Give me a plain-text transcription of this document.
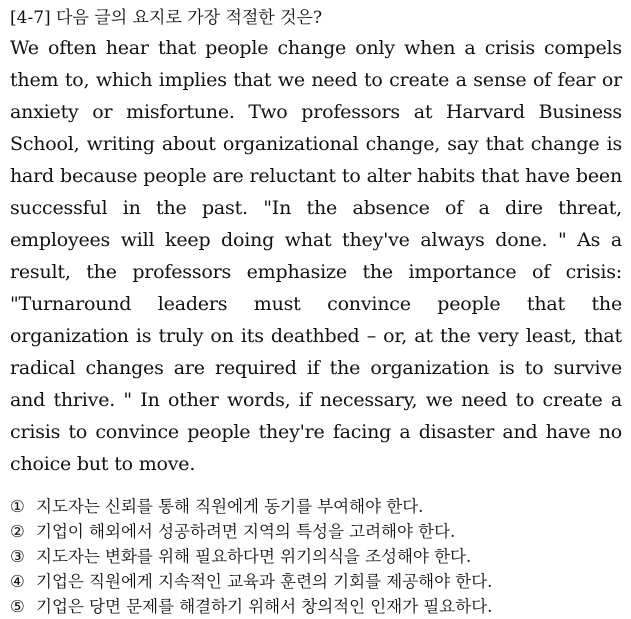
[4-7] 다음 글의 요지로 가장 적절한 것은?

We often hear that people change only when a crisis compels them to, which implies that we need to create a sense of fear or anxiety or misfortune. Two professors at Harvard Business School, writing about organizational change, say that change is hard because people are reluctant to alter habits that have been successful in the past. "In the absence of a dire threat, employees will keep doing what they've always done. " As a result, the professors emphasize the importance of crisis: "Turnaround leaders must convince people that the organization is truly on its deathbed – or, at the very least, that radical changes are required if the organization is to survive and thrive. " In other words, if necessary, we need to create a crisis to convince people they're facing a disaster and have no choice but to move.

① 지도자는 신뢰를 통해 직원에게 동기를 부여해야 한다.
② 기업이 해외에서 성공하려면 지역의 특성을 고려해야 한다.
③ 지도자는 변화를 위해 필요하다면 위기의식을 조성해야 한다.
④ 기업은 직원에게 지속적인 교육과 훈련의 기회를 제공해야 한다.
⑤ 기업은 당면 문제를 해결하기 위해서 창의적인 인재가 필요하다.
